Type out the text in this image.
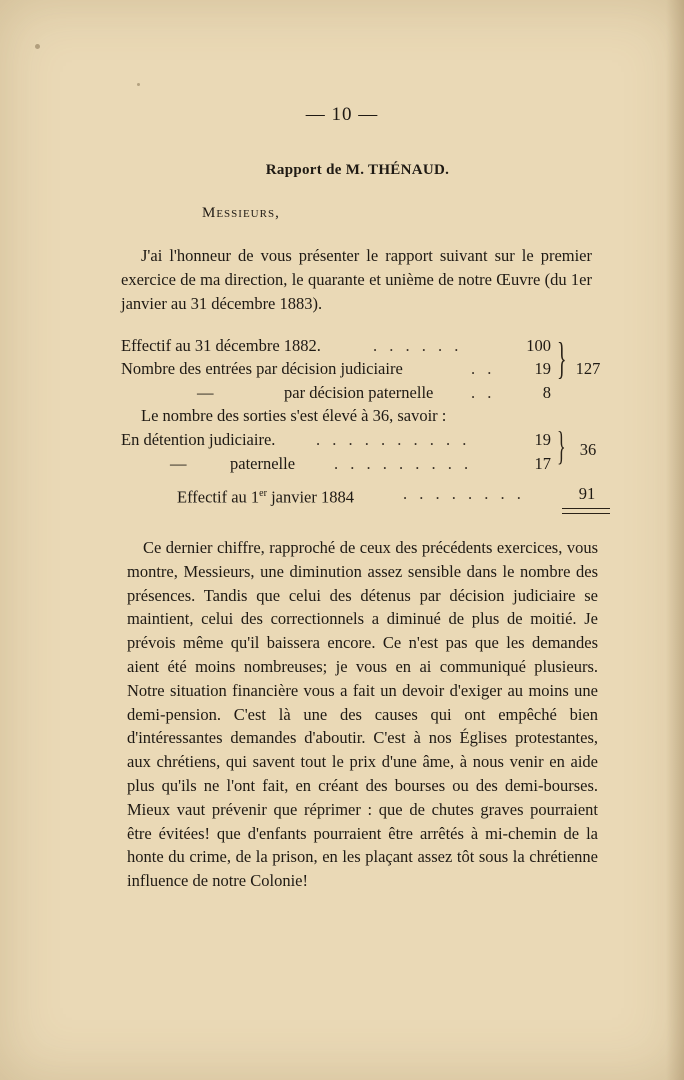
— 10 —
Rapport de M. THÉNAUD.
Messieurs,

J'ai l'honneur de vous présenter le rapport suivant sur le premier exercice de ma direction, le quarante et unième de notre Œuvre (du 1er janvier au 31 décembre 1883).

Effectif au 31 décembre 1882.	. . . . . .	100
Nombre des entrées par décision judiciaire	. . 19
—	par décision paternelle . .	8
} 127
Le nombre des sorties s'est élevé à 36, savoir :
En détention judiciaire. . . . . . . . . . .	19
—	paternelle . . . . . . . . .	17 } 36
Effectif au 1er janvier 1884	. . . . . . . .	91

Ce dernier chiffre, rapproché de ceux des précédents exercices, vous montre, Messieurs, une diminution assez sensible dans le nombre des présences. Tandis que celui des détenus par décision judiciaire se maintient, celui des correctionnels a diminué de plus de moitié. Je prévois même qu'il baissera encore. Ce n'est pas que les demandes aient été moins nombreuses; je vous en ai communiqué plusieurs. Notre situation financière vous a fait un devoir d'exiger au moins une demi-pension. C'est là une des causes qui ont empêché bien d'intéressantes demandes d'aboutir. C'est à nos Églises protestantes, aux chrétiens, qui savent tout le prix d'une âme, à nous venir en aide plus qu'ils ne l'ont fait, en créant des bourses ou des demi-bourses. Mieux vaut prévenir que réprimer : que de chutes graves pourraient être évitées! que d'enfants pourraient être arrêtés à mi-chemin de la honte du crime, de la prison, en les plaçant assez tôt sous la chrétienne influence de notre Colonie!
